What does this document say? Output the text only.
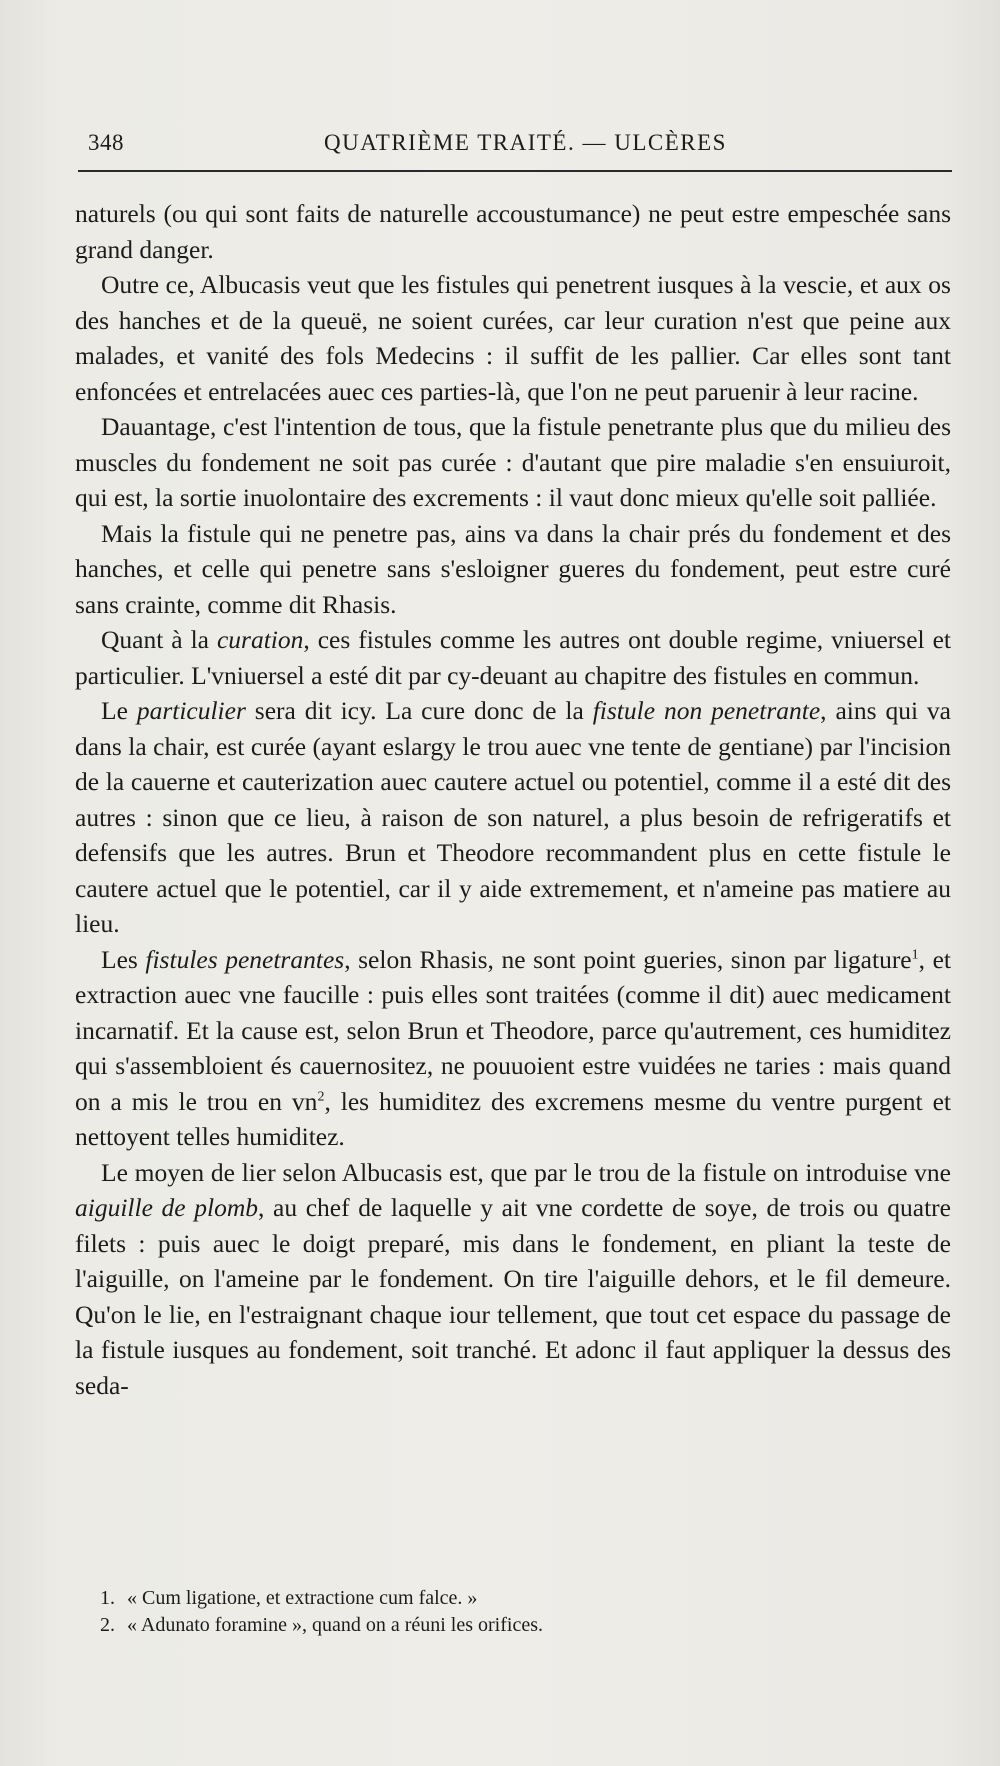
348	QUATRIÈME TRAITÉ. — ULCÈRES

naturels (ou qui sont faits de naturelle accoustumance) ne peut estre empeschée sans grand danger.

Outre ce, Albucasis veut que les fistules qui penetrent iusques à la vescie, et aux os des hanches et de la queuë, ne soient curées, car leur curation n'est que peine aux malades, et vanité des fols Medecins : il suffit de les pallier. Car elles sont tant enfoncées et entrelacées auec ces parties-là, que l'on ne peut paruenir à leur racine.

Dauantage, c'est l'intention de tous, que la fistule penetrante plus que du milieu des muscles du fondement ne soit pas curée : d'autant que pire maladie s'en ensuiuroit, qui est, la sortie inuolontaire des excrements : il vaut donc mieux qu'elle soit palliée.

Mais la fistule qui ne penetre pas, ains va dans la chair prés du fondement et des hanches, et celle qui penetre sans s'esloigner gueres du fondement, peut estre curé sans crainte, comme dit Rhasis.

Quant à la curation, ces fistules comme les autres ont double regime, vniuersel et particulier. L'vniuersel a esté dit par cy-deuant au chapitre des fistules en commun.

Le particulier sera dit icy. La cure donc de la fistule non penetrante, ains qui va dans la chair, est curée (ayant eslargy le trou auec vne tente de gentiane) par l'incision de la cauerne et cauterization auec cautere actuel ou potentiel, comme il a esté dit des autres : sinon que ce lieu, à raison de son naturel, a plus besoin de refrigeratifs et defensifs que les autres. Brun et Theodore recommandent plus en cette fistule le cautere actuel que le potentiel, car il y aide extremement, et n'ameine pas matiere au lieu.

Les fistules penetrantes, selon Rhasis, ne sont point gueries, sinon par ligature$^1$, et extraction auec vne faucille : puis elles sont traitées (comme il dit) auec medicament incarnatif. Et la cause est, selon Brun et Theodore, parce qu'autrement, ces humiditez qui s'assembloient és cauernositez, ne pouuoient estre vuidées ne taries : mais quand on a mis le trou en $vn^2$, les humiditez des excremens mesme du ventre purgent et nettoyent telles humiditez.

Le moyen de lier selon Albucasis est, que par le trou de la fistule on introduise vne aiguille de plomb, au chef de laquelle y ait vne cordette de soye, de trois ou quatre filets : puis auec le doigt preparé, mis dans le fondement, en pliant la teste de l'aiguille, on l'ameine par le fondement. On tire l'aiguille dehors, et le fil demeure. Qu'on le lie, en l'estraignant chaque iour tellement, que tout cet espace du passage de la fistule iusques au fondement, soit tranché. Et adonc il faut appliquer la dessus des seda-

1. « Cum ligatione, et extractione cum falce. »
2. « Adunato foramine », quand on a réuni les orifices.
